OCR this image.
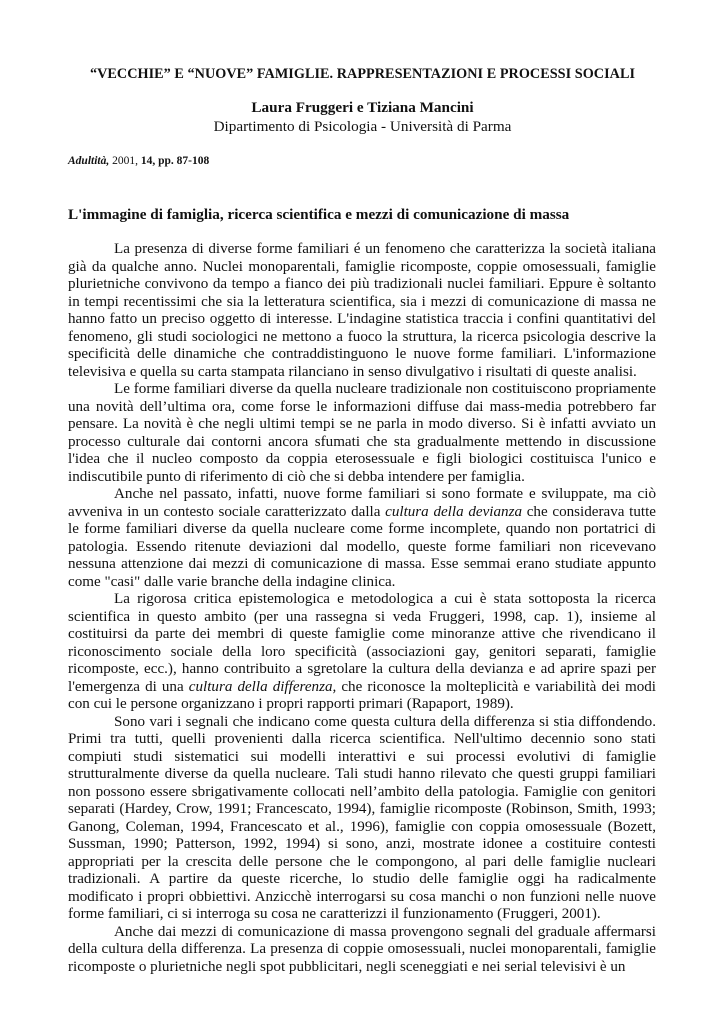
“VECCHIE” E “NUOVE” FAMIGLIE. RAPPRESENTAZIONI E PROCESSI SOCIALI
Laura Fruggeri e Tiziana Mancini
Dipartimento di Psicologia - Università di Parma
Adultità, 2001, 14, pp. 87-108
L'immagine di famiglia, ricerca scientifica e mezzi di comunicazione di massa

La presenza di diverse forme familiari é un fenomeno che caratterizza la società italiana già da qualche anno. Nuclei monoparentali, famiglie ricomposte, coppie omosessuali, famiglie plurietniche convivono da tempo a fianco dei più tradizionali nuclei familiari. Eppure è soltanto in tempi recentissimi che sia la letteratura scientifica, sia i mezzi di comunicazione di massa ne hanno fatto un preciso oggetto di interesse. L'indagine statistica traccia i confini quantitativi del fenomeno, gli studi sociologici ne mettono a fuoco la struttura, la ricerca psicologia descrive la specificità delle dinamiche che contraddistinguono le nuove forme familiari. L'informazione televisiva e quella su carta stampata rilanciano in senso divulgativo i risultati di queste analisi.

Le forme familiari diverse da quella nucleare tradizionale non costituiscono propriamente una novità dell’ultima ora, come forse le informazioni diffuse dai mass-media potrebbero far pensare. La novità è che negli ultimi tempi se ne parla in modo diverso. Si è infatti avviato un processo culturale dai contorni ancora sfumati che sta gradualmente mettendo in discussione l'idea che il nucleo composto da coppia eterosessuale e figli biologici costituisca l'unico e indiscutibile punto di riferimento di ciò che si debba intendere per famiglia.

Anche nel passato, infatti, nuove forme familiari si sono formate e sviluppate, ma ciò avveniva in un contesto sociale caratterizzato dalla cultura della devianza che considerava tutte le forme familiari diverse da quella nucleare come forme incomplete, quando non portatrici di patologia. Essendo ritenute deviazioni dal modello, queste forme familiari non ricevevano nessuna attenzione dai mezzi di comunicazione di massa. Esse semmai erano studiate appunto come "casi" dalle varie branche della indagine clinica.

La rigorosa critica epistemologica e metodologica a cui è stata sottoposta la ricerca scientifica in questo ambito (per una rassegna si veda Fruggeri, 1998, cap. 1), insieme al costituirsi da parte dei membri di queste famiglie come minoranze attive che rivendicano il riconoscimento sociale della loro specificità (associazioni gay, genitori separati, famiglie ricomposte, ecc.), hanno contribuito a sgretolare la cultura della devianza e ad aprire spazi per l'emergenza di una cultura della differenza, che riconosce la molteplicità e variabilità dei modi con cui le persone organizzano i propri rapporti primari (Rapaport, 1989).

Sono vari i segnali che indicano come questa cultura della differenza si stia diffondendo. Primi tra tutti, quelli provenienti dalla ricerca scientifica. Nell'ultimo decennio sono stati compiuti studi sistematici sui modelli interattivi e sui processi evolutivi di famiglie strutturalmente diverse da quella nucleare. Tali studi hanno rilevato che questi gruppi familiari non possono essere sbrigativamente collocati nell’ambito della patologia. Famiglie con genitori separati (Hardey, Crow, 1991; Francescato, 1994), famiglie ricomposte (Robinson, Smith, 1993; Ganong, Coleman, 1994, Francescato et al., 1996), famiglie con coppia omosessuale (Bozett, Sussman, 1990; Patterson, 1992, 1994) si sono, anzi, mostrate idonee a costituire contesti appropriati per la crescita delle persone che le compongono, al pari delle famiglie nucleari tradizionali. A partire da queste ricerche, lo studio delle famiglie oggi ha radicalmente modificato i propri obbiettivi. Anzicchè interrogarsi su cosa manchi o non funzioni nelle nuove forme familiari, ci si interroga su cosa ne caratterizzi il funzionamento (Fruggeri, 2001).

Anche dai mezzi di comunicazione di massa provengono segnali del graduale affermarsi della cultura della differenza. La presenza di coppie omosessuali, nuclei monoparentali, famiglie ricomposte o plurietniche negli spot pubblicitari, negli sceneggiati e nei serial televisivi è un
